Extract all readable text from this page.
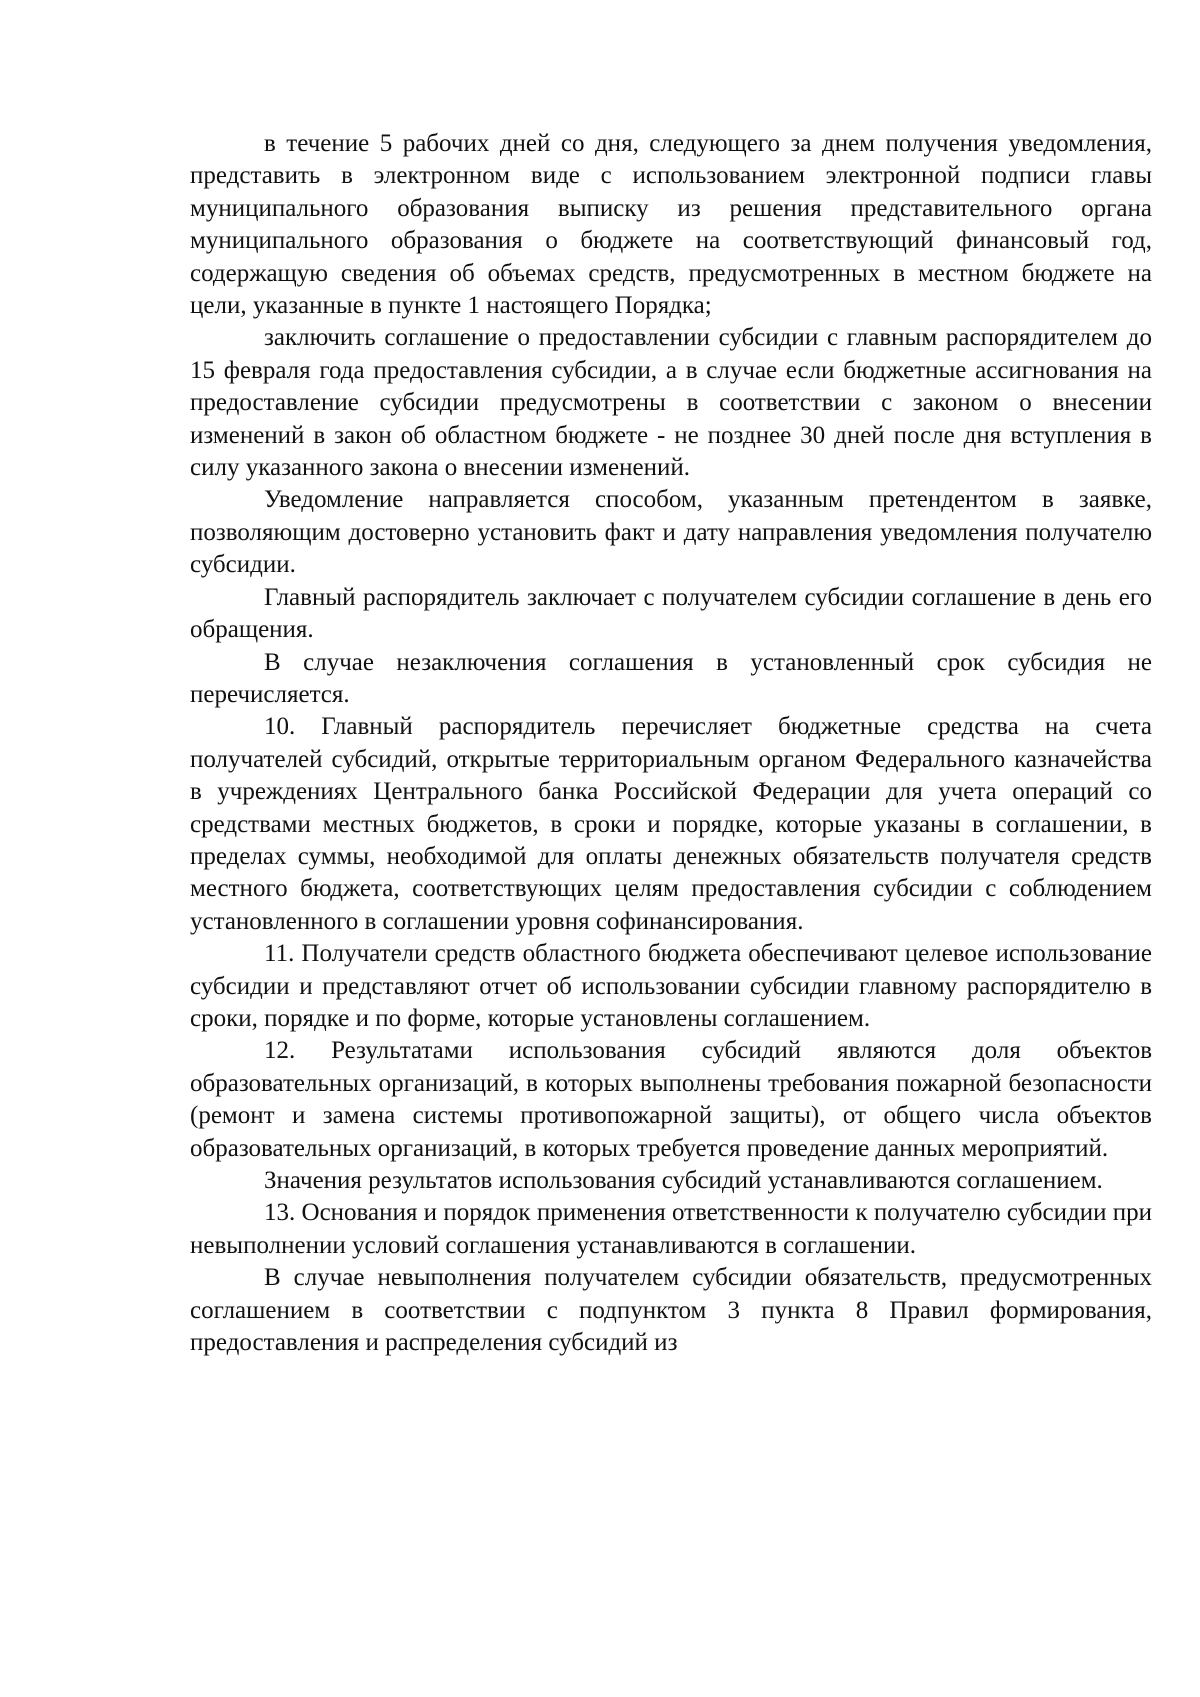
в течение 5 рабочих дней со дня, следующего за днем получения уведомления, представить в электронном виде с использованием электронной подписи главы муниципального образования выписку из решения представительного органа муниципального образования о бюджете на соответствующий финансовый год, содержащую сведения об объемах средств, предусмотренных в местном бюджете на цели, указанные в пункте 1 настоящего Порядка;

заключить соглашение о предоставлении субсидии с главным распорядителем до 15 февраля года предоставления субсидии, а в случае если бюджетные ассигнования на предоставление субсидии предусмотрены в соответствии с законом о внесении изменений в закон об областном бюджете - не позднее 30 дней после дня вступления в силу указанного закона о внесении изменений.

Уведомление направляется способом, указанным претендентом в заявке, позволяющим достоверно установить факт и дату направления уведомления получателю субсидии.

Главный распорядитель заключает с получателем субсидии соглашение в день его обращения.

В случае незаключения соглашения в установленный срок субсидия не перечисляется.

10. Главный распорядитель перечисляет бюджетные средства на счета получателей субсидий, открытые территориальным органом Федерального казначейства в учреждениях Центрального банка Российской Федерации для учета операций со средствами местных бюджетов, в сроки и порядке, которые указаны в соглашении, в пределах суммы, необходимой для оплаты денежных обязательств получателя средств местного бюджета, соответствующих целям предоставления субсидии с соблюдением установленного в соглашении уровня софинансирования.

11. Получатели средств областного бюджета обеспечивают целевое использование субсидии и представляют отчет об использовании субсидии главному распорядителю в сроки, порядке и по форме, которые установлены соглашением.

12. Результатами использования субсидий являются доля объектов образовательных организаций, в которых выполнены требования пожарной безопасности (ремонт и замена системы противопожарной защиты), от общего числа объектов образовательных организаций, в которых требуется проведение данных мероприятий.

Значения результатов использования субсидий устанавливаются соглашением.

13. Основания и порядок применения ответственности к получателю субсидии при невыполнении условий соглашения устанавливаются в соглашении.

В случае невыполнения получателем субсидии обязательств, предусмотренных соглашением в соответствии с подпунктом 3 пункта 8 Правил формирования, предоставления и распределения субсидий из
